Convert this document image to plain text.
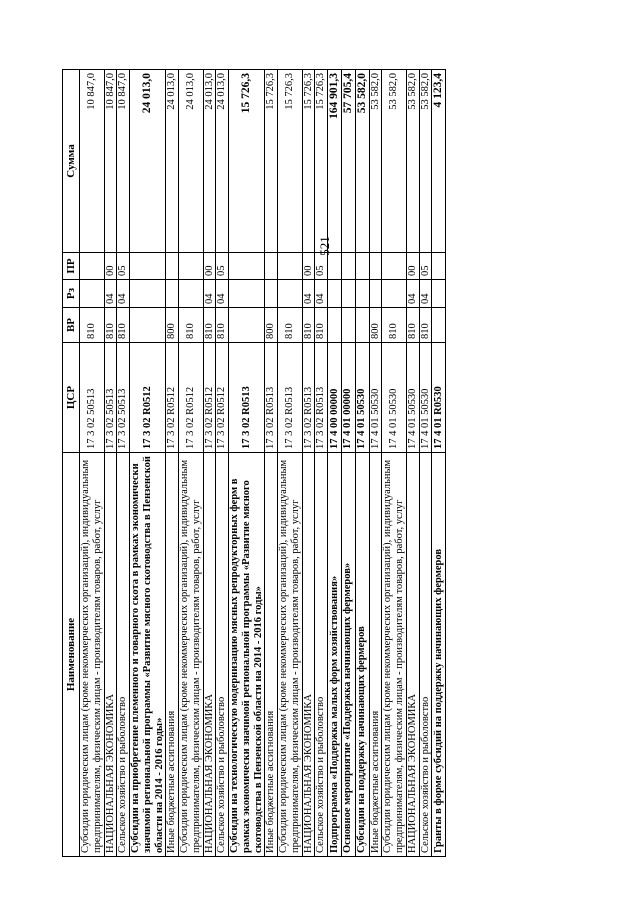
521
Наименование	ЦСР	ВР	Рз	ПР	Сумма
Субсидии юридическим лицам (кроме некоммерческих организаций), индивидуальным предпринимателям, физическим лицам - производителям товаров, работ, услуг	17 3 02 50513	810			10 847,0
НАЦИОНАЛЬНАЯ ЭКОНОМИКА	17 3 02 50513	810	04	00	10 847,0
Сельское хозяйство и рыболовство	17 3 02 50513	810	04	05	10 847,0
Субсидии на приобретение племенного и товарного скота в рамках экономически значимой региональной программы «Развитие мясного скотоводства в Пензенской области на 2014 - 2016 годы»	17 3 02 R0512				24 013,0
Иные бюджетные ассигнования	17 3 02 R0512	800			24 013,0
Субсидии юридическим лицам (кроме некоммерческих организаций), индивидуальным предпринимателям, физическим лицам - производителям товаров, работ, услуг	17 3 02 R0512	810			24 013,0
НАЦИОНАЛЬНАЯ ЭКОНОМИКА	17 3 02 R0512	810	04	00	24 013,0
Сельское хозяйство и рыболовство	17 3 02 R0512	810	04	05	24 013,0
Субсидии на технологическую модернизацию мясных репродукторных ферм в рамках экономически значимой региональной программы «Развитие мясного скотоводства в Пензенской области на 2014 - 2016 годы»	17 3 02 R0513				15 726,3
Иные бюджетные ассигнования	17 3 02 R0513	800			15 726,3
Субсидии юридическим лицам (кроме некоммерческих организаций), индивидуальным предпринимателям, физическим лицам - производителям товаров, работ, услуг	17 3 02 R0513	810			15 726,3
НАЦИОНАЛЬНАЯ ЭКОНОМИКА	17 3 02 R0513	810	04	00	15 726,3
Сельское хозяйство и рыболовство	17 3 02 R0513	810	04	05	15 726,3
Подпрограмма «Поддержка малых форм хозяйствования»	17 4 00 00000				164 901,3
Основное мероприятие «Поддержка начинающих фермеров»	17 4 01 00000				57 705,4
Субсидии на поддержку начинающих фермеров	17 4 01 50530				53 582,0
Иные бюджетные ассигнования	17 4 01 50530	800			53 582,0
Субсидии юридическим лицам (кроме некоммерческих организаций), индивидуальным предпринимателям, физическим лицам - производителям товаров, работ, услуг	17 4 01 50530	810			53 582,0
НАЦИОНАЛЬНАЯ ЭКОНОМИКА	17 4 01 50530	810	04	00	53 582,0
Сельское хозяйство и рыболовство	17 4 01 50530	810	04	05	53 582,0
Гранты в форме субсидий на поддержку начинающих фермеров	17 4 01 R0530				4 123,4
